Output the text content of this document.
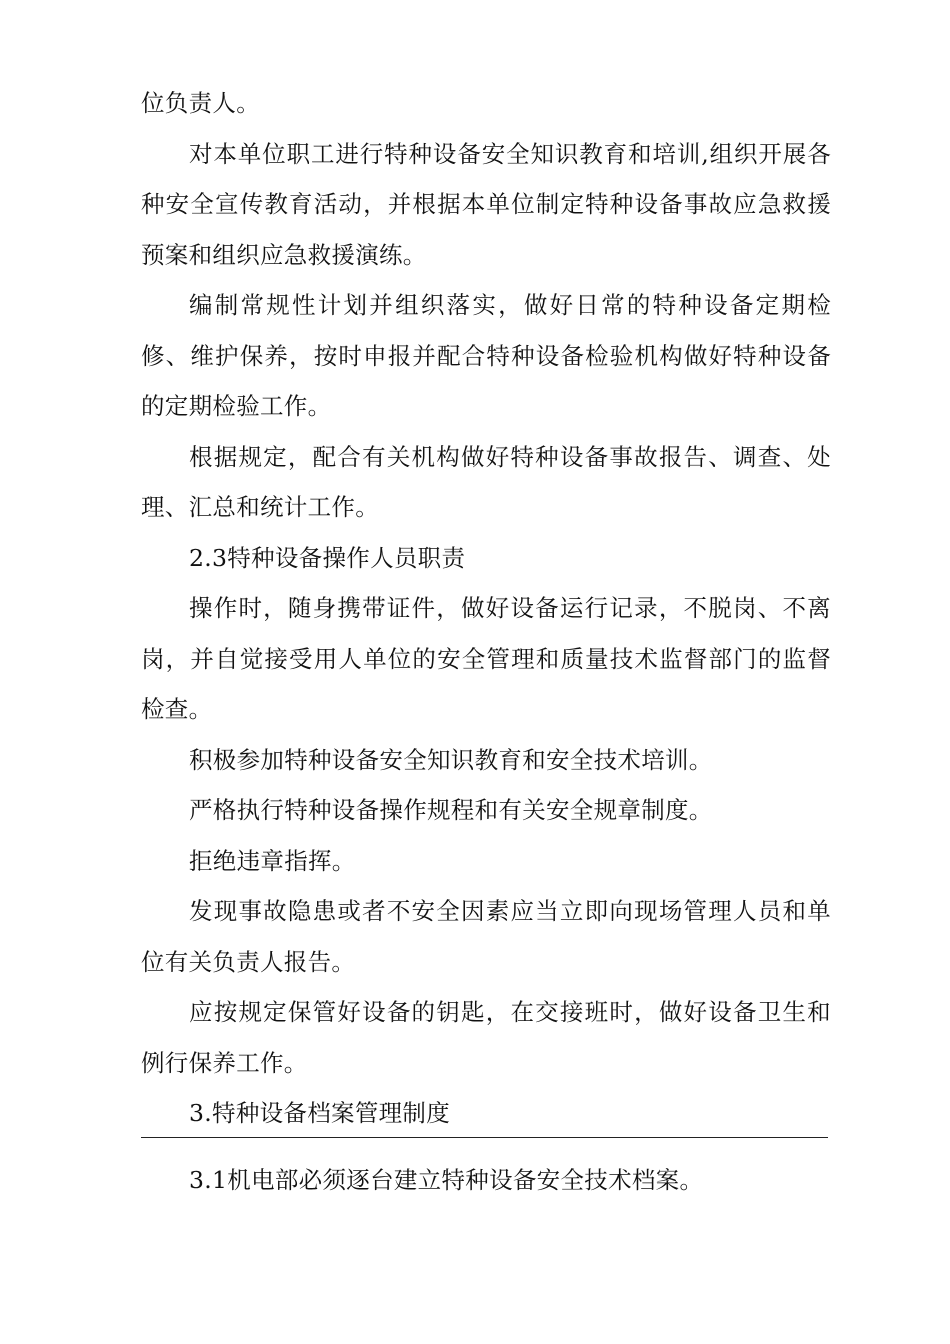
位负责人。

对本单位职工进行特种设备安全知识教育和培训,组织开展各种安全宣传教育活动，并根据本单位制定特种设备事故应急救援预案和组织应急救援演练。

编制常规性计划并组织落实，做好日常的特种设备定期检修、维护保养，按时申报并配合特种设备检验机构做好特种设备的定期检验工作。

根据规定，配合有关机构做好特种设备事故报告、调查、处理、汇总和统计工作。

2.3特种设备操作人员职责

操作时，随身携带证件，做好设备运行记录，不脱岗、不离岗，并自觉接受用人单位的安全管理和质量技术监督部门的监督检查。

积极参加特种设备安全知识教育和安全技术培训。

严格执行特种设备操作规程和有关安全规章制度。

拒绝违章指挥。

发现事故隐患或者不安全因素应当立即向现场管理人员和单位有关负责人报告。

应按规定保管好设备的钥匙，在交接班时，做好设备卫生和例行保养工作。

3.特种设备档案管理制度

3.1机电部必须逐台建立特种设备安全技术档案。
